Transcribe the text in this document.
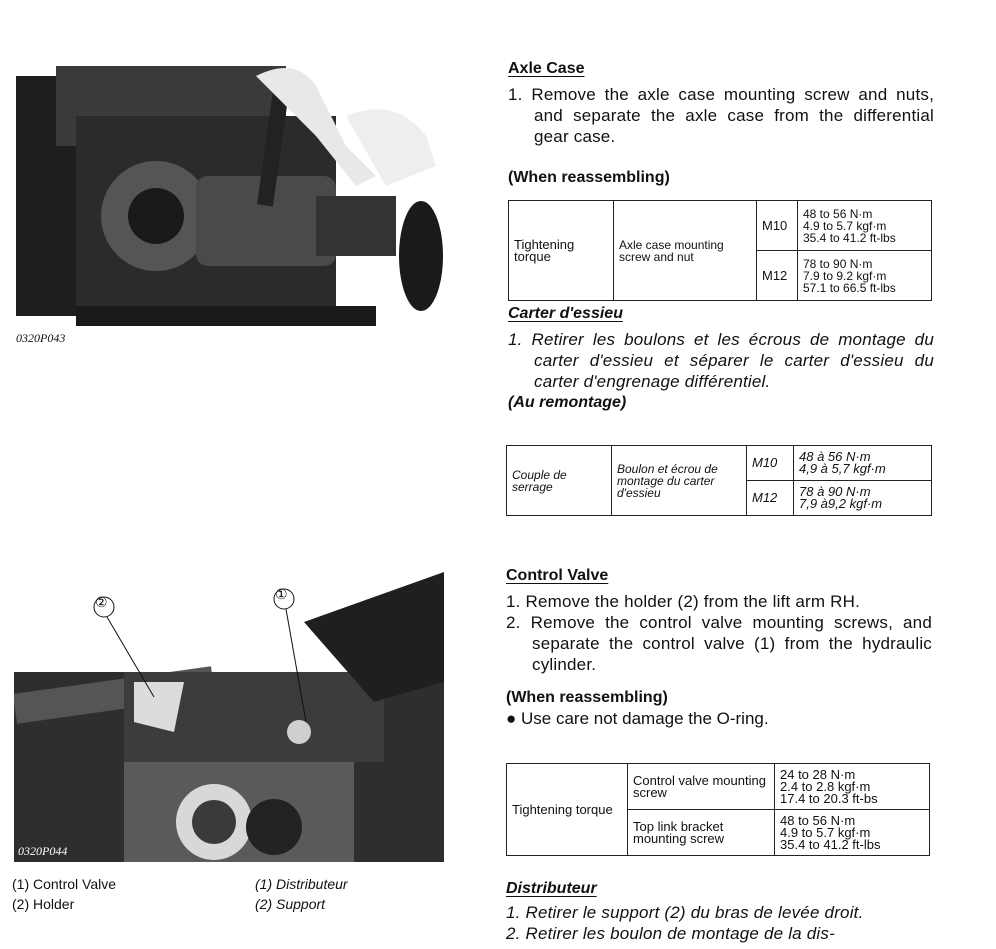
0320P043
②	①
0320P044
(1) Control Valve
(2) Holder
(1) Distributeur
(2) Support
Axle Case
1. Remove the axle case mounting screw and nuts, and separate the axle case from the differential gear case.
(When reassembling)
Tightening torque	Axle case mounting screw and nut	M10	48 to 56 N·m
4.9 to 5.7 kgf·m
35.4 to 41.2 ft-lbs

		M12	78 to 90 N·m
7.9 to 9.2 kgf·m
57.1 to 66.5 ft-lbs
Carter d'essieu
1. Retirer les boulons et les écrous de montage du carter d'essieu et séparer le carter d'essieu du carter d'engrenage différentiel.
(Au remontage)
Couple de serrage	Boulon et écrou de montage du carter d'essieu	M10	48 à 56 N·m
4,9 à 5,7 kgf·m

		M12	78 à 90 N·m
7,9 à9,2 kgf·m
Control Valve
1. Remove the holder (2) from the lift arm RH.
2. Remove the control valve mounting screws, and separate the control valve (1) from the hydraulic cylinder.
(When reassembling)
● Use care not damage the O-ring.
Tightening torque	Control valve mounting screw	24 to 28 N·m
2.4 to 2.8 kgf·m
17.4 to 20.3 ft-bs

	Top link bracket mounting screw	48 to 56 N·m
4.9 to 5.7 kgf·m
35.4 to 41.2 ft-lbs
Distributeur
1. Retirer le support (2) du bras de levée droit.
2. Retirer les boulon de montage de la dis-
